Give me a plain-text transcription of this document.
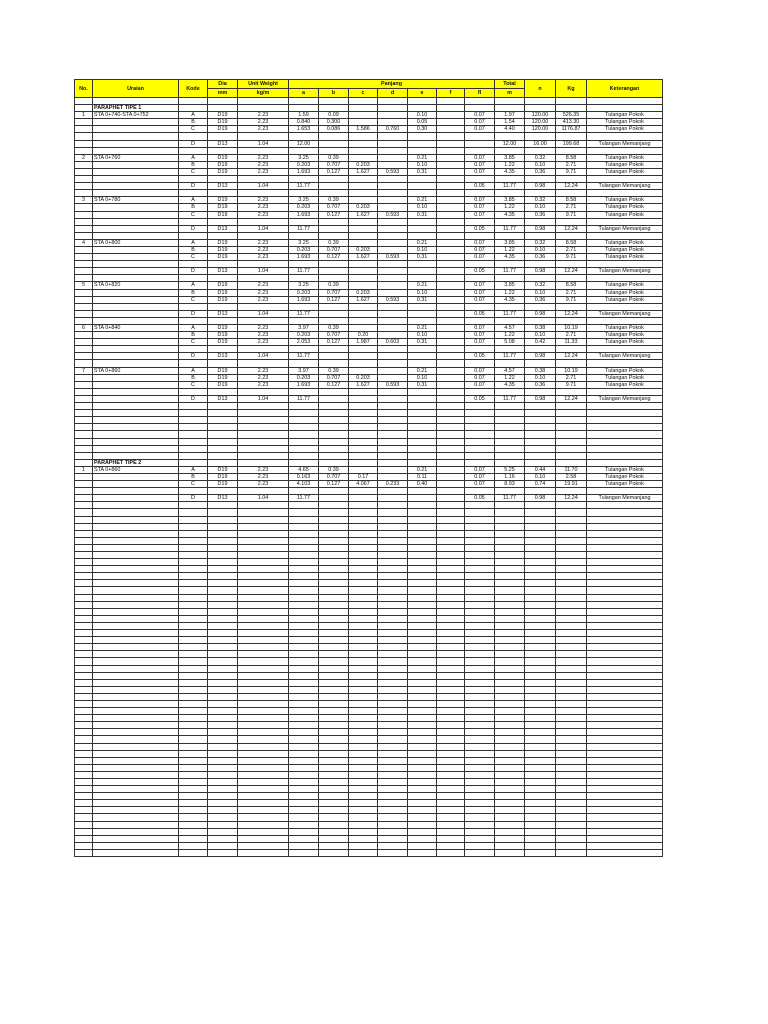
No.	Uraian	Kode	Dia	Unit Weight	Panjang							Total	n	Kg	Keterangan
			mm	kg/m	a	b	c	d	e	f	fl	m			

	PARAPHET TIPE 1														
1	STA 0+740-STA 0+752	A	D19	2.23	1.59	0.09			0.10		0.07	1.97	120.00	526.35	Tulangan Pokok
		B	D19	2.23	0.840	0.300			0.05		0.07	1.54	120.00	413.30	Tulangan Pokok
		C	D19	2.23	1.653	0.086	1.586	0.760	0.30		0.07	4.40	120.00	1176.87	Tulangan Pokok

		D	D13	1.04	12.00							12.00	16.00	199.68	Tulangan Memanjang

2	STA 0+760	A	D19	2.23	3.25	0.39			0.21		0.07	3.85	0.32	8.58	Tulangan Pokok
		B	D19	2.23	0.203	0.707	0.203		0.10		0.07	1.22	0.10	2.71	Tulangan Pokok
		C	D19	2.23	1.693	0.127	1.627	0.593	0.31		0.07	4.35	0.36	9.71	Tulangan Pokok

		D	D13	1.04	11.77						0.05	11.77	0.98	12.24	Tulangan Memanjang

3	STA 0+780	A	D19	2.23	3.25	0.39			0.21		0.07	3.85	0.32	8.58	Tulangan Pokok
		B	D19	2.23	0.203	0.707	0.203		0.10		0.07	1.22	0.10	2.71	Tulangan Pokok
		C	D19	2.23	1.693	0.127	1.627	0.593	0.31		0.07	4.35	0.36	9.71	Tulangan Pokok

		D	D13	1.04	11.77						0.05	11.77	0.98	12.24	Tulangan Memanjang

4	STA 0+800	A	D19	2.23	3.25	0.39			0.21		0.07	3.85	0.32	8.58	Tulangan Pokok
		B	D19	2.23	0.203	0.707	0.203		0.10		0.07	1.22	0.10	2.71	Tulangan Pokok
		C	D19	2.23	1.693	0.127	1.627	0.593	0.31		0.07	4.35	0.36	9.71	Tulangan Pokok

		D	D13	1.04	11.77						0.05	11.77	0.98	12.24	Tulangan Memanjang

5	STA 0+820	A	D19	2.23	3.25	0.39			0.21		0.07	3.85	0.32	8.58	Tulangan Pokok
		B	D19	2.23	0.203	0.707	0.203		0.10		0.07	1.22	0.10	2.71	Tulangan Pokok
		C	D19	2.23	1.693	0.127	1.627	0.593	0.31		0.07	4.35	0.36	9.71	Tulangan Pokok

		D	D13	1.04	11.77						0.05	11.77	0.98	12.24	Tulangan Memanjang

6	STA 0+840	A	D19	2.23	3.97	0.39			0.21		0.07	4.57	0.38	10.19	Tulangan Pokok
		B	D19	2.23	0.203	0.707	0.20		0.10		0.07	1.22	0.10	2.71	Tulangan Pokok
		C	D19	2.23	2.053	0.127	1.987	0.603	0.31		0.07	5.08	0.42	11.33	Tulangan Pokok

		D	D13	1.04	11.77						0.05	11.77	0.98	12.24	Tulangan Memanjang

7	STA 0+860	A	D19	2.23	3.97	0.39			0.21		0.07	4.57	0.38	10.19	Tulangan Pokok
		B	D19	2.23	0.203	0.707	0.203		0.10		0.07	1.22	0.10	2.71	Tulangan Pokok
		C	D19	2.23	1.693	0.127	1.627	0.593	0.31		0.07	4.35	0.36	9.71	Tulangan Pokok

		D	D13	1.04	11.77						0.05	11.77	0.98	12.24	Tulangan Memanjang

	PARAPHET TIPE 2														
1	STA 0+860	A	D19	2.23	4.65	0.39			0.21		0.07	5.25	0.44	11.70	Tulangan Pokok
		B	D19	2.23	0.163	0.707	0.17		0.11		0.07	1.16	0.10	2.58	Tulangan Pokok
		C	D19	2.23	4.103	0.127	4.067	0.233	0.40		0.07	8.93	0.74	19.91	Tulangan Pokok

		D	D13	1.04	11.77						0.05	11.77	0.98	12.24	Tulangan Memanjang
